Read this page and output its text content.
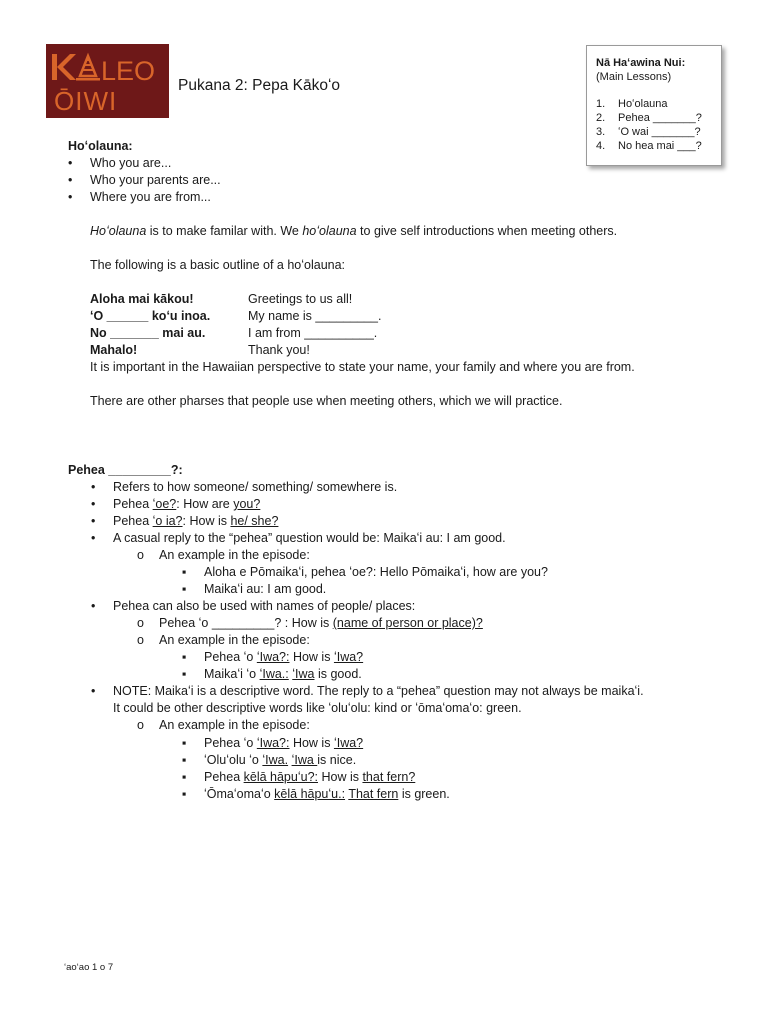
LEO
ŌIWI
Pukana 2: Pepa Kākoʻo
Nā Haʻawina Nui:
(Main Lessons)
1.	Hoʻolauna
2.	Pehea _______?
3.	ʻO wai _______?
4.	No hea mai ___?
Hoʻolauna:
• Who you are...
• Who your parents are...
• Where you are from...
Hoʻolauna is to make familar with. We hoʻolauna to give self introductions when meeting others.
The following is a basic outline of a hoʻolauna:
Aloha mai kākou!	Greetings to us all!
ʻO ______ koʻu inoa.	My name is _________.
No _______ mai au.	I am from __________.
Mahalo!	Thank you!
It is important in the Hawaiian perspective to state your name, your family and where you are from.
There are other pharses that people use when meeting others, which we will practice.
Pehea _________?:
• Refers to how someone/ something/ somewhere is.
• Pehea ʻoe?: How are you?
• Pehea ʻo ia?: How is he/ she?
• A casual reply to the “pehea” question would be: Maikaʻi au: I am good.
o An example in the episode:
▪ Aloha e Pōmaikaʻi, pehea ʻoe?: Hello Pōmaikaʻi, how are you?
▪ Maikaʻi au: I am good.
• Pehea can also be used with names of people/ places:
o Pehea ʻo _________? : How is (name of person or place)?
o An example in the episode:
▪ Pehea ʻo ʻIwa?: How is ʻIwa?
▪ Maikaʻi ʻo ʻIwa.: ʻIwa is good.
• NOTE: Maikaʻi is a descriptive word. The reply to a “pehea” question may not always be maikaʻi.
It could be other descriptive words like ʻoluʻolu: kind or ʻōmaʻomaʻo: green.
o An example in the episode:
▪ Pehea ʻo ʻIwa?: How is ʻIwa?
▪ ʻOluʻolu ʻo ʻIwa. ʻIwa is nice.
▪ Pehea kēlā hāpuʻu?: How is that fern?
▪ ʻŌmaʻomaʻo kēlā hāpuʻu.: That fern is green.
ʻaoʻao 1 o 7
